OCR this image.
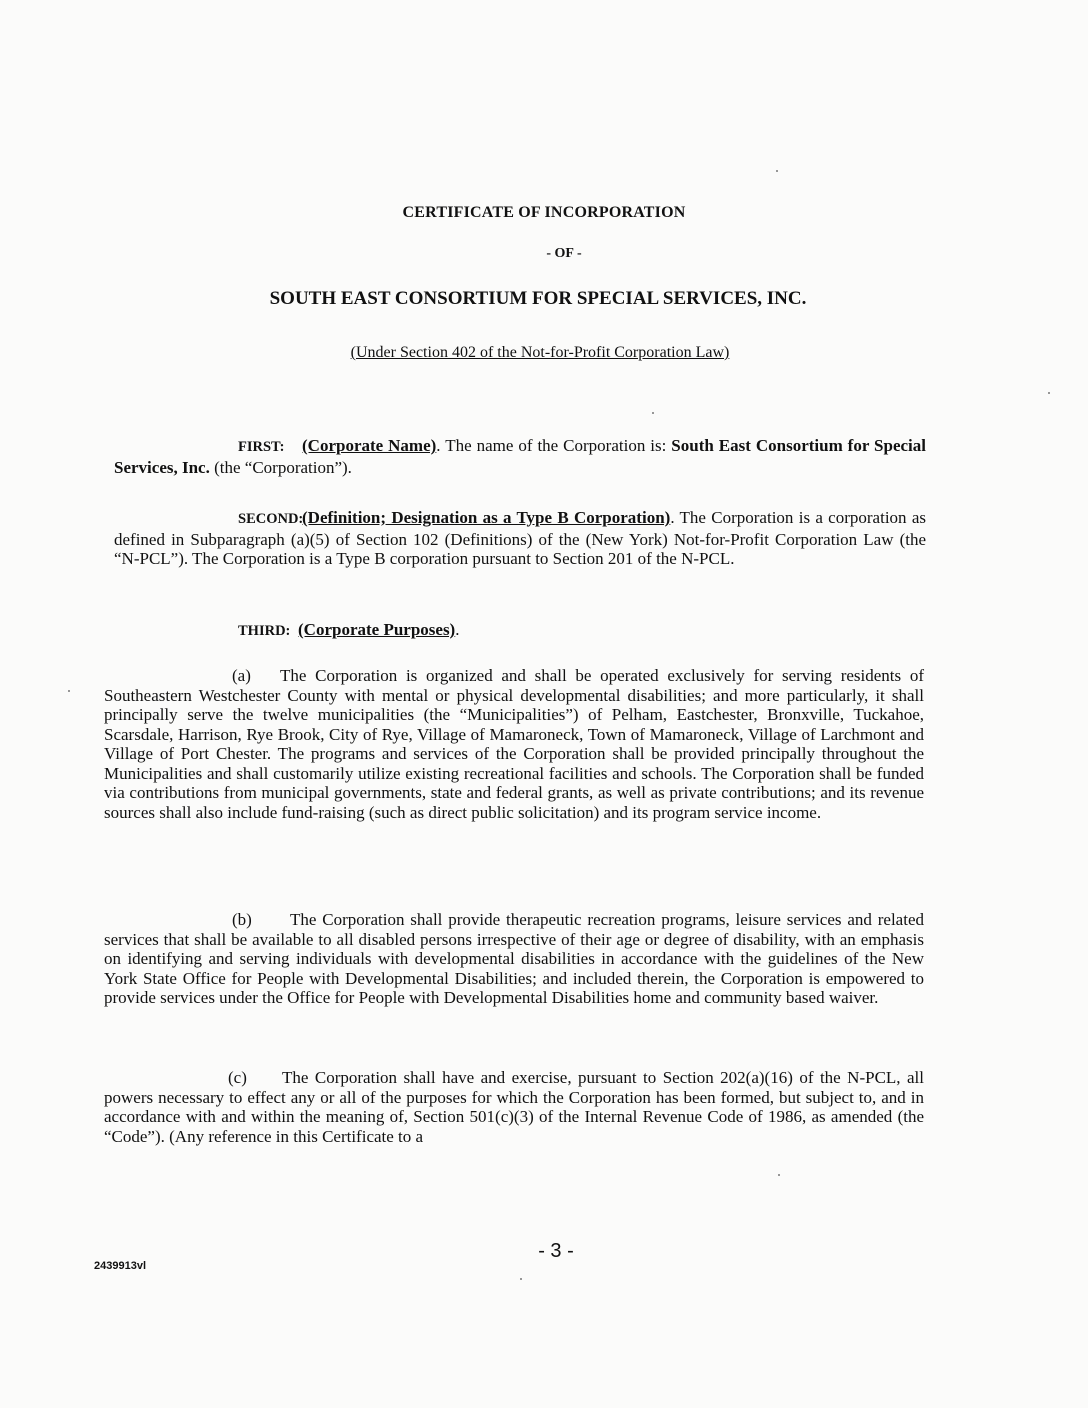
CERTIFICATE OF INCORPORATION
- OF -
SOUTH EAST CONSORTIUM FOR SPECIAL SERVICES, INC.
(Under Section 402 of the Not-for-Profit Corporation Law)
FIRST: (Corporate Name). The name of the Corporation is: South East Consortium for Special Services, Inc. (the “Corporation”).
SECOND:(Definition; Designation as a Type B Corporation). The Corporation is a corporation as defined in Subparagraph (a)(5) of Section 102 (Definitions) of the (New York) Not-for-Profit Corporation Law (the “N-PCL”). The Corporation is a Type B corporation pursuant to Section 201 of the N-PCL.
THIRD: (Corporate Purposes).
(a) The Corporation is organized and shall be operated exclusively for serving residents of Southeastern Westchester County with mental or physical developmental disabilities; and more particularly, it shall principally serve the twelve municipalities (the “Municipalities”) of Pelham, Eastchester, Bronxville, Tuckahoe, Scarsdale, Harrison, Rye Brook, City of Rye, Village of Mamaroneck, Town of Mamaroneck, Village of Larchmont and Village of Port Chester. The programs and services of the Corporation shall be provided principally throughout the Municipalities and shall customarily utilize existing recreational facilities and schools. The Corporation shall be funded via contributions from municipal governments, state and federal grants, as well as private contributions; and its revenue sources shall also include fund-raising (such as direct public solicitation) and its program service income.
(b) The Corporation shall provide therapeutic recreation programs, leisure services and related services that shall be available to all disabled persons irrespective of their age or degree of disability, with an emphasis on identifying and serving individuals with developmental disabilities in accordance with the guidelines of the New York State Office for People with Developmental Disabilities; and included therein, the Corporation is empowered to provide services under the Office for People with Developmental Disabilities home and community based waiver.
(c) The Corporation shall have and exercise, pursuant to Section 202(a)(16) of the N-PCL, all powers necessary to effect any or all of the purposes for which the Corporation has been formed, but subject to, and in accordance with and within the meaning of, Section 501(c)(3) of the Internal Revenue Code of 1986, as amended (the “Code”). (Any reference in this Certificate to a
- 3 -
2439913vl
